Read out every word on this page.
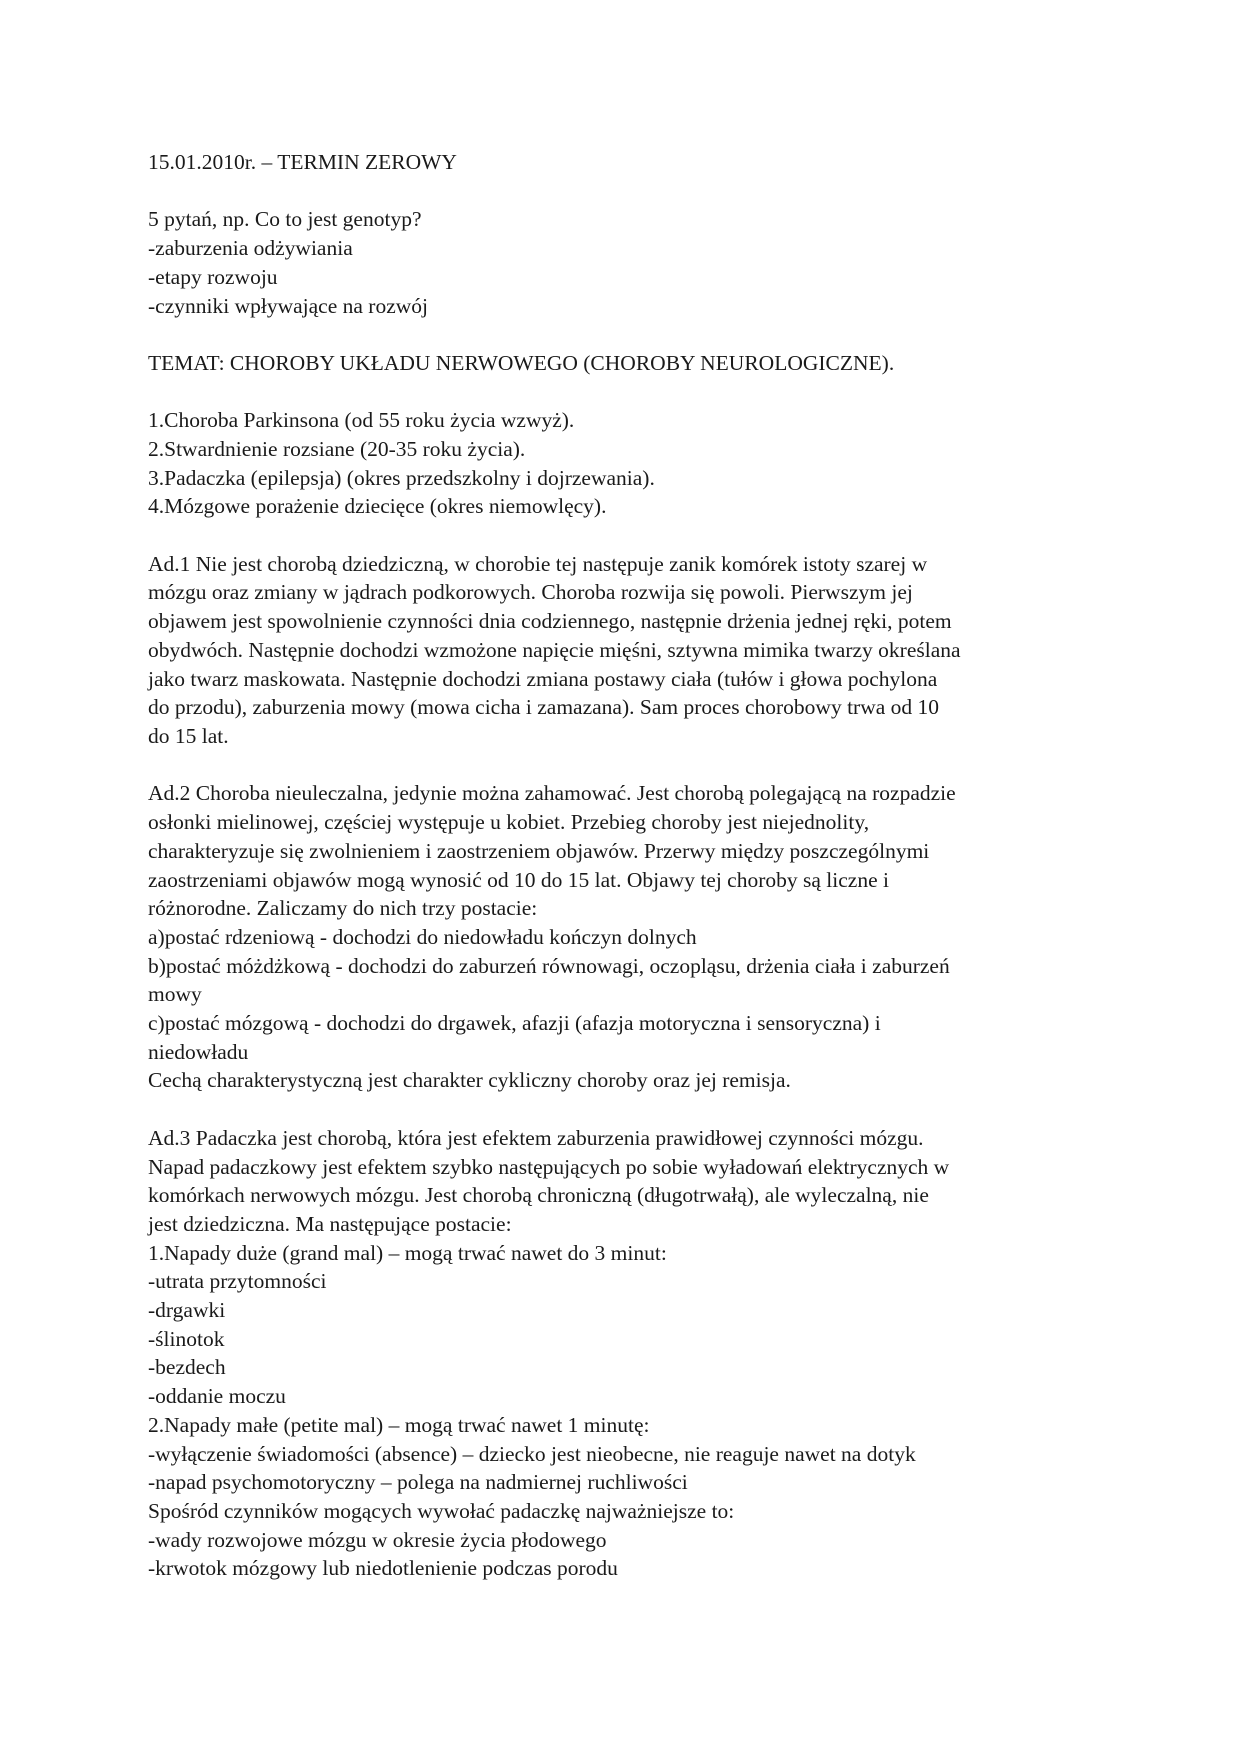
15.01.2010r. – TERMIN ZEROWY
5 pytań, np. Co to jest genotyp?
-zaburzenia odżywiania
-etapy rozwoju
-czynniki wpływające na rozwój
TEMAT: CHOROBY UKŁADU NERWOWEGO (CHOROBY NEUROLOGICZNE).
1.Choroba Parkinsona (od 55 roku życia wzwyż).
2.Stwardnienie rozsiane (20-35 roku życia).
3.Padaczka (epilepsja) (okres przedszkolny i dojrzewania).
4.Mózgowe porażenie dziecięce (okres niemowlęcy).
Ad.1 Nie jest chorobą dziedziczną, w chorobie tej następuje zanik komórek istoty szarej w
mózgu oraz zmiany w jądrach podkorowych. Choroba rozwija się powoli. Pierwszym jej
objawem jest spowolnienie czynności dnia codziennego, następnie drżenia jednej ręki, potem
obydwóch. Następnie dochodzi wzmożone napięcie mięśni, sztywna mimika twarzy określana
jako twarz maskowata. Następnie dochodzi zmiana postawy ciała (tułów i głowa pochylona
do przodu), zaburzenia mowy (mowa cicha i zamazana). Sam proces chorobowy trwa od 10
do 15 lat.
Ad.2 Choroba nieuleczalna, jedynie można zahamować. Jest chorobą polegającą na rozpadzie
osłonki mielinowej, częściej występuje u kobiet. Przebieg choroby jest niejednolity,
charakteryzuje się zwolnieniem i zaostrzeniem objawów. Przerwy między poszczególnymi
zaostrzeniami objawów mogą wynosić od 10 do 15 lat. Objawy tej choroby są liczne i
różnorodne. Zaliczamy do nich trzy postacie:
a)postać rdzeniową - dochodzi do niedowładu kończyn dolnych
b)postać móżdżkową - dochodzi do zaburzeń równowagi, oczopląsu, drżenia ciała i zaburzeń
mowy
c)postać mózgową - dochodzi do drgawek, afazji (afazja motoryczna i sensoryczna) i
niedowładu
Cechą charakterystyczną jest charakter cykliczny choroby oraz jej remisja.
Ad.3 Padaczka jest chorobą, która jest efektem zaburzenia prawidłowej czynności mózgu.
Napad padaczkowy jest efektem szybko następujących po sobie wyładowań elektrycznych w
komórkach nerwowych mózgu. Jest chorobą chroniczną (długotrwałą), ale wyleczalną, nie
jest dziedziczna. Ma następujące postacie:
1.Napady duże (grand mal) – mogą trwać nawet do 3 minut:
-utrata przytomności
-drgawki
-ślinotok
-bezdech
-oddanie moczu
2.Napady małe (petite mal) – mogą trwać nawet 1 minutę:
-wyłączenie świadomości (absence) – dziecko jest nieobecne, nie reaguje nawet na dotyk
-napad psychomotoryczny – polega na nadmiernej ruchliwości
Spośród czynników mogących wywołać padaczkę najważniejsze to:
-wady rozwojowe mózgu w okresie życia płodowego
-krwotok mózgowy lub niedotlenienie podczas porodu
